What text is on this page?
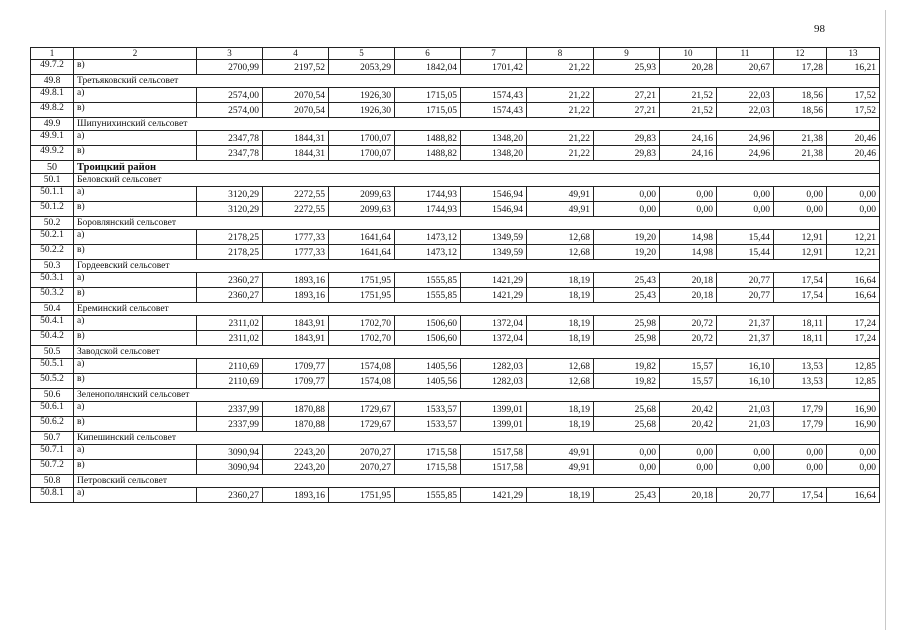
98
1	2	3	4	5	6	7	8	9	10	11	12	13
49.7.2	в)	2700,99	2197,52	2053,29	1842,04	1701,42	21,22	25,93	20,28	20,67	17,28	16,21
49.8	Третьяковский сельсовет											
49.8.1	а)	2574,00	2070,54	1926,30	1715,05	1574,43	21,22	27,21	21,52	22,03	18,56	17,52
49.8.2	в)	2574,00	2070,54	1926,30	1715,05	1574,43	21,22	27,21	21,52	22,03	18,56	17,52
49.9	Шипунихинский сельсовет											
49.9.1	а)	2347,78	1844,31	1700,07	1488,82	1348,20	21,22	29,83	24,16	24,96	21,38	20,46
49.9.2	в)	2347,78	1844,31	1700,07	1488,82	1348,20	21,22	29,83	24,16	24,96	21,38	20,46
50	Троицкий район											
50.1	Беловский сельсовет											
50.1.1	а)	3120,29	2272,55	2099,63	1744,93	1546,94	49,91	0,00	0,00	0,00	0,00	0,00
50.1.2	в)	3120,29	2272,55	2099,63	1744,93	1546,94	49,91	0,00	0,00	0,00	0,00	0,00
50.2	Боровлянский сельсовет											
50.2.1	а)	2178,25	1777,33	1641,64	1473,12	1349,59	12,68	19,20	14,98	15,44	12,91	12,21
50.2.2	в)	2178,25	1777,33	1641,64	1473,12	1349,59	12,68	19,20	14,98	15,44	12,91	12,21
50.3	Гордеевский сельсовет											
50.3.1	а)	2360,27	1893,16	1751,95	1555,85	1421,29	18,19	25,43	20,18	20,77	17,54	16,64
50.3.2	в)	2360,27	1893,16	1751,95	1555,85	1421,29	18,19	25,43	20,18	20,77	17,54	16,64
50.4	Ереминский сельсовет											
50.4.1	а)	2311,02	1843,91	1702,70	1506,60	1372,04	18,19	25,98	20,72	21,37	18,11	17,24
50.4.2	в)	2311,02	1843,91	1702,70	1506,60	1372,04	18,19	25,98	20,72	21,37	18,11	17,24
50.5	Заводской сельсовет											
50.5.1	а)	2110,69	1709,77	1574,08	1405,56	1282,03	12,68	19,82	15,57	16,10	13,53	12,85
50.5.2	в)	2110,69	1709,77	1574,08	1405,56	1282,03	12,68	19,82	15,57	16,10	13,53	12,85
50.6	Зеленополянский сельсовет											
50.6.1	а)	2337,99	1870,88	1729,67	1533,57	1399,01	18,19	25,68	20,42	21,03	17,79	16,90
50.6.2	в)	2337,99	1870,88	1729,67	1533,57	1399,01	18,19	25,68	20,42	21,03	17,79	16,90
50.7	Кипешинский сельсовет											
50.7.1	а)	3090,94	2243,20	2070,27	1715,58	1517,58	49,91	0,00	0,00	0,00	0,00	0,00
50.7.2	в)	3090,94	2243,20	2070,27	1715,58	1517,58	49,91	0,00	0,00	0,00	0,00	0,00
50.8	Петровский сельсовет											
50.8.1	а)	2360,27	1893,16	1751,95	1555,85	1421,29	18,19	25,43	20,18	20,77	17,54	16,64
